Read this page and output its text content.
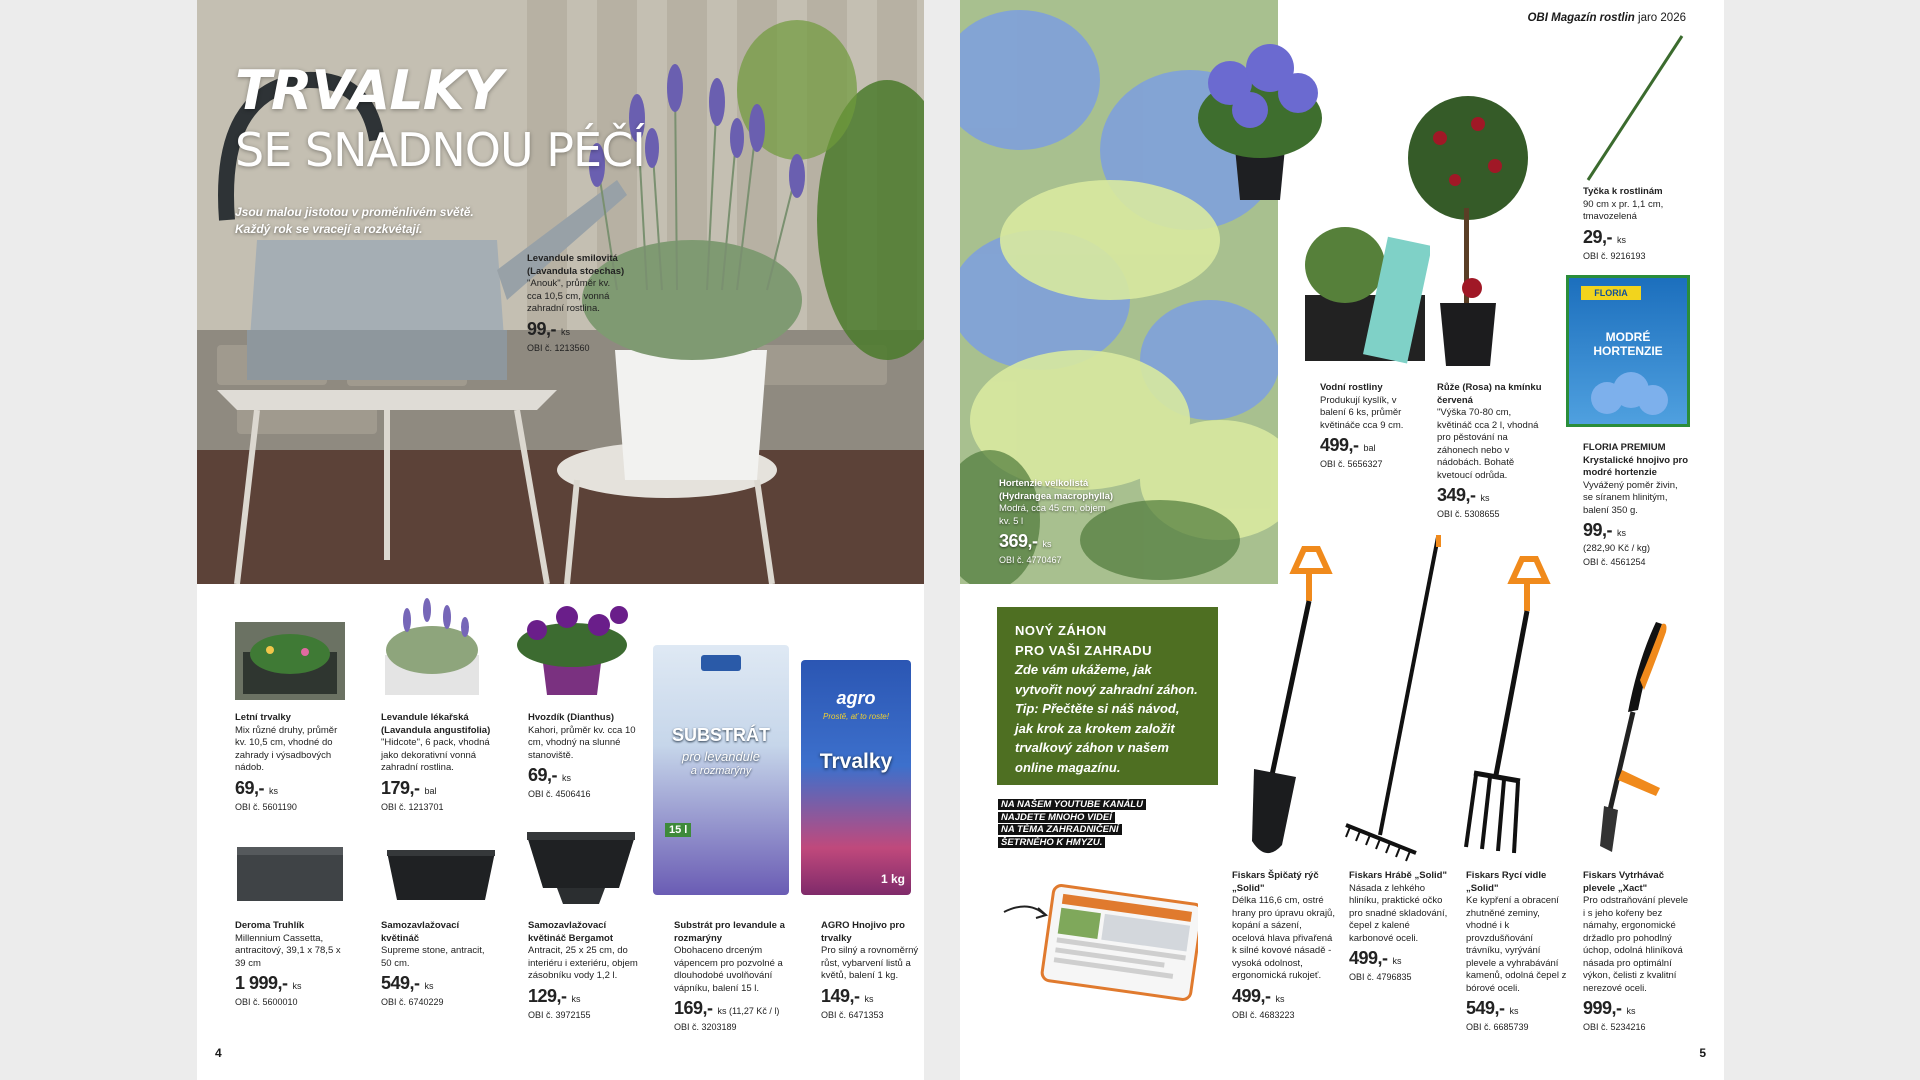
TRVALKY
SE SNADNOU PÉČÍ
Jsou malou jistotou v proměnlivém světě.
Každý rok se vracejí a rozkvétají.
Levandule smilovitá (Lavandula stoechas)
"Anouk", průměr kv. cca 10,5 cm, vonná zahradní rostlina.
99,- ks
OBI č. 1213560
SUBSTRÁT
pro levandule
a rozmarýny
15 l
agro
Prostě, ať to roste!
Trvalky
1 kg
Letní trvalky
Mix různé druhy, průměr kv. 10,5 cm, vhodné do zahrady i výsadbových nádob.
69,- ks
OBI č. 5601190
Levandule lékařská (Lavandula angustifolia)
"Hidcote", 6 pack, vhodná jako dekorativní vonná zahradní rostlina.
179,- bal
OBI č. 1213701
Hvozdík (Dianthus)
Kahori, průměr kv. cca 10 cm, vhodný na slunné stanoviště.
69,- ks
OBI č. 4506416
Deroma Truhlík
Millennium Cassetta, antracitový, 39,1 x 78,5 x 39 cm
1 999,- ks
OBI č. 5600010
Samozavlažovací květináč
Supreme stone, antracit, 50 cm.
549,- ks
OBI č. 6740229
Samozavlažovací květináč Bergamot
Antracit, 25 x 25 cm, do interiéru i exteriéru, objem zásobníku vody 1,2 l.
129,- ks
OBI č. 3972155
Substrát pro levandule a rozmarýny
Obohaceno drceným vápencem pro pozvolné a dlouhodobé uvolňování vápníku, balení 15 l.
169,- ks (11,27 Kč / l)
OBI č. 3203189
AGRO Hnojivo pro trvalky
Pro silný a rovnoměrný růst, vybarvení listů a květů, balení 1 kg.
149,- ks
OBI č. 6471353
4
Hortenzie velkolistá (Hydrangea macrophylla)
Modrá, cca 45 cm, objem kv. 5 l
369,- ks
OBI č. 4770467
OBI Magazín rostlin jaro 2026
FLORIA
MODRÉ
HORTENZIE
Vodní rostliny
Produkují kyslík, v balení 6 ks, průměr květináče cca 9 cm.
499,- bal
OBI č. 5656327
Růže (Rosa) na kmínku červená
"Výška 70-80 cm, květináč cca 2 l, vhodná pro pěstování na záhonech nebo v nádobách. Bohatě kvetoucí odrůda.
349,- ks
OBI č. 5308655
Tyčka k rostlinám
90 cm x pr. 1,1 cm, tmavozelená
29,- ks
OBI č. 9216193
FLORIA PREMIUM Krystalické hnojivo pro modré hortenzie
Vyvážený poměr živin, se síranem hlinitým, balení 350 g.
99,- ks
(282,90 Kč / kg)
OBI č. 4561254
NOVÝ ZÁHON
PRO VAŠI ZAHRADU
Zde vám ukážeme, jak vytvořit nový zahradní záhon. Tip: Přečtěte si náš návod, jak krok za krokem založit trvalkový záhon v našem online magazínu.
NA NAŠEM YOUTUBE KANÁLU
NAJDETE MNOHO VIDEÍ
NA TÉMA ZAHRADNIČENÍ
ŠETRNÉHO K HMYZU.
Fiskars Špičatý rýč „Solid"
Délka 116,6 cm, ostré hrany pro úpravu okrajů, kopání a sázení, ocelová hlava přivařená k silné kovové násadě - vysoká odolnost, ergonomická rukojeť.
499,- ks
OBI č. 4683223
Fiskars Hrábě „Solid"
Násada z lehkého hliníku, praktické očko pro snadné skladování, čepel z kalené karbonové oceli.
499,- ks
OBI č. 4796835
Fiskars Rycí vidle „Solid"
Ke kypření a obracení zhutněné zeminy, vhodné i k provzdušňování trávníku, vyrývání plevele a vyhrabávání kamenů, odolná čepel z bórové oceli.
549,- ks
OBI č. 6685739
Fiskars Vytrhávač plevele „Xact"
Pro odstraňování plevele i s jeho kořeny bez námahy, ergonomické držadlo pro pohodlný úchop, odolná hliníková násada pro optimální výkon, čelisti z kvalitní nerezové oceli.
999,- ks
OBI č. 5234216
5
